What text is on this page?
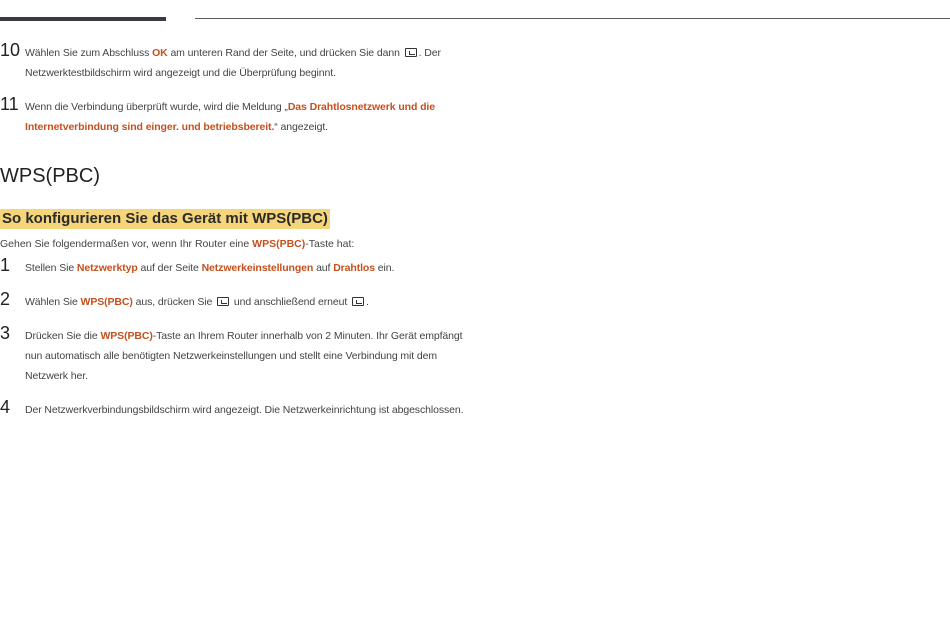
10 Wählen Sie zum Abschluss OK am unteren Rand der Seite, und drücken Sie dann . Der Netzwerktestbildschirm wird angezeigt und die Überprüfung beginnt.
11 Wenn die Verbindung überprüft wurde, wird die Meldung „Das Drahtlosnetzwerk und die Internetverbindung sind einger. und betriebsbereit.“ angezeigt.
WPS(PBC)
So konfigurieren Sie das Gerät mit WPS(PBC)

Gehen Sie folgendermaßen vor, wenn Ihr Router eine WPS(PBC)-Taste hat:

1 Stellen Sie Netzwerktyp auf der Seite Netzwerkeinstellungen auf Drahtlos ein.
2 Wählen Sie WPS(PBC) aus, drücken Sie  und anschließend erneut .
3 Drücken Sie die WPS(PBC)-Taste an Ihrem Router innerhalb von 2 Minuten. Ihr Gerät empfängt nun automatisch alle benötigten Netzwerkeinstellungen und stellt eine Verbindung mit dem Netzwerk her.
4 Der Netzwerkverbindungsbildschirm wird angezeigt. Die Netzwerkeinrichtung ist abgeschlossen.
